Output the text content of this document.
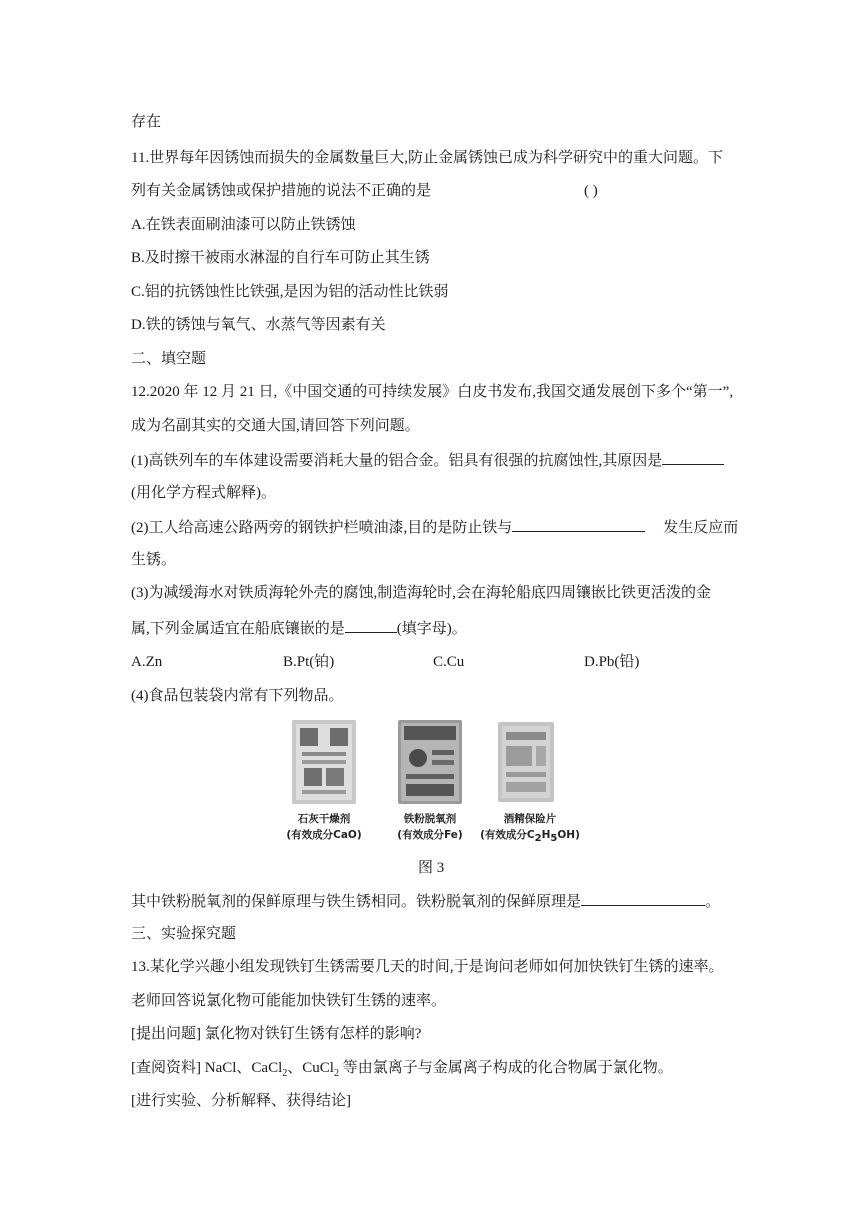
存在
11.世界每年因锈蚀而损失的金属数量巨大,防止金属锈蚀已成为科学研究中的重大问题。下
列有关金属锈蚀或保护措施的说法不正确的是	( )
A.在铁表面刷油漆可以防止铁锈蚀
B.及时擦干被雨水淋湿的自行车可防止其生锈
C.铝的抗锈蚀性比铁强,是因为铝的活动性比铁弱
D.铁的锈蚀与氧气、水蒸气等因素有关
二、填空题
12.2020 年 12 月 21 日,《中国交通的可持续发展》白皮书发布,我国交通发展创下多个“第一”,
成为名副其实的交通大国,请回答下列问题。
(1)高铁列车的车体建设需要消耗大量的铝合金。铝具有很强的抗腐蚀性,其原因是
(用化学方程式解释)。
(2)工人给高速公路两旁的钢铁护栏喷油漆,目的是防止铁与	发生反应而
生锈。
(3)为减缓海水对铁质海轮外壳的腐蚀,制造海轮时,会在海轮船底四周镶嵌比铁更活泼的金
属,下列金属适宜在船底镶嵌的是	(填字母)。
A.Zn	B.Pt(铂)	C.Cu	D.Pb(铅)
(4)食品包装袋内常有下列物品。
石灰干燥剂
(有效成分CaO)
铁粉脱氧剂
(有效成分Fe)
酒精保险片
(有效成分$C_2H_5OH$)
图 3
其中铁粉脱氧剂的保鲜原理与铁生锈相同。铁粉脱氧剂的保鲜原理是	。
三、实验探究题
13.某化学兴趣小组发现铁钉生锈需要几天的时间,于是询问老师如何加快铁钉生锈的速率。
老师回答说氯化物可能能加快铁钉生锈的速率。
[提出问题] 氯化物对铁钉生锈有怎样的影响?
[查阅资料] NaCl、CaCl$_2$、CuCl$_2$ 等由氯离子与金属离子构成的化合物属于氯化物。
[进行实验、分析解释、获得结论]
